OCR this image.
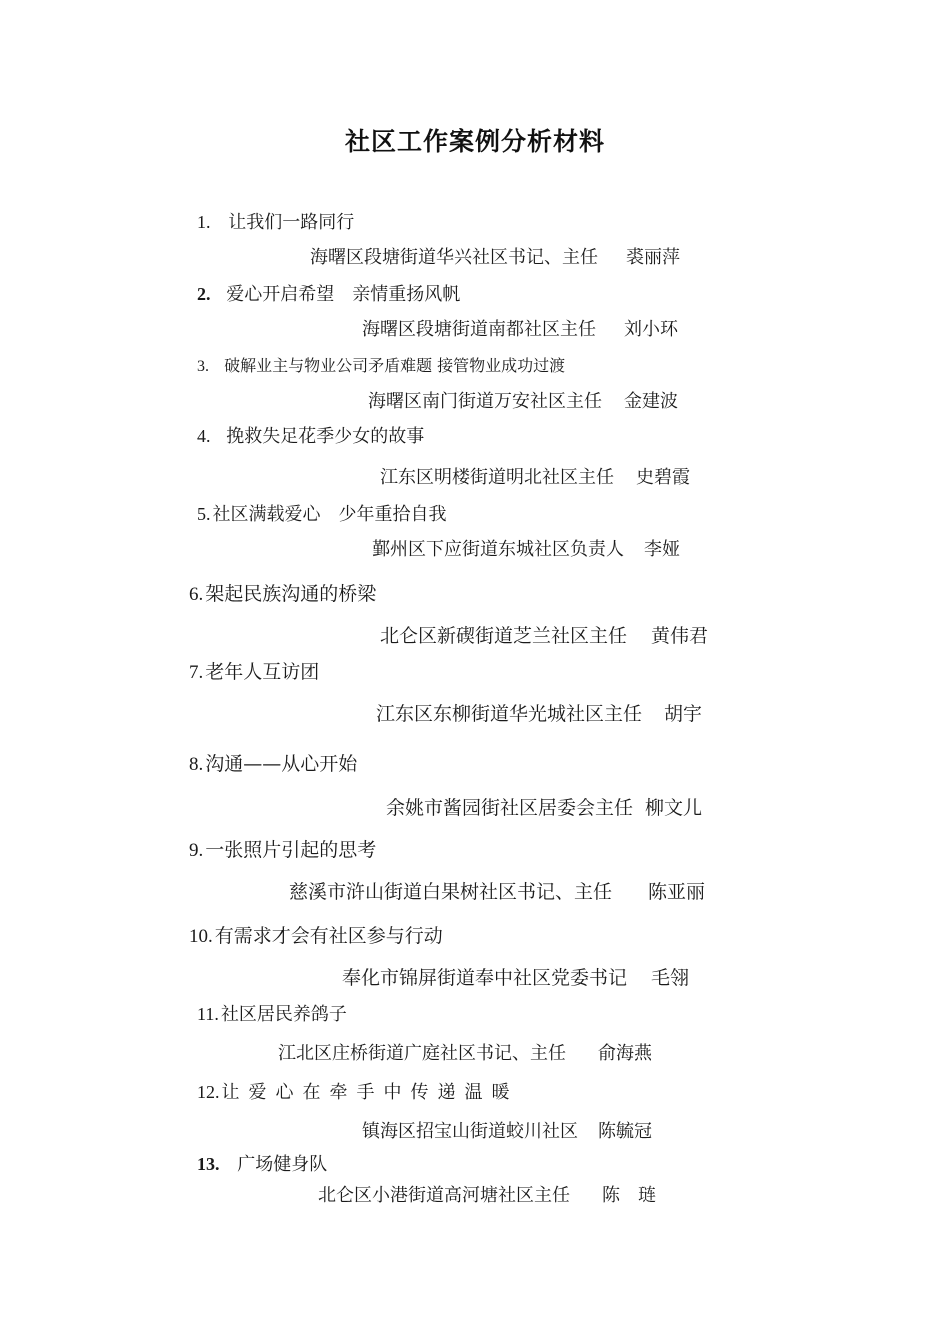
社区工作案例分析材料
1. 让我们一路同行
海曙区段塘街道华兴社区书记、主任 裘丽萍
2. 爱心开启希望　亲情重扬风帆
海曙区段塘街道南都社区主任 刘小环
3. 破解业主与物业公司矛盾难题 接管物业成功过渡
海曙区南门街道万安社区主任 金建波
4. 挽救失足花季少女的故事
江东区明楼街道明北社区主任 史碧霞
5. 社区满载爱心　少年重拾自我
鄞州区下应街道东城社区负责人 李娅
6. 架起民族沟通的桥梁
北仑区新碶街道芝兰社区主任 黄伟君
7. 老年人互访团
江东区东柳街道华光城社区主任 胡宇
8. 沟通——从心开始
余姚市酱园街社区居委会主任 柳文儿
9. 一张照片引起的思考
慈溪市浒山街道白果树社区书记、主任 陈亚丽
10. 有需求才会有社区参与行动
奉化市锦屏街道奉中社区党委书记 毛翎
11. 社区居民养鸽子
江北区庄桥街道广庭社区书记、主任 俞海燕
12. 让爱心在牵手中传递温暖
镇海区招宝山街道蛟川社区 陈毓冠
13. 广场健身队
北仑区小港街道高河塘社区主任 陈　琏
